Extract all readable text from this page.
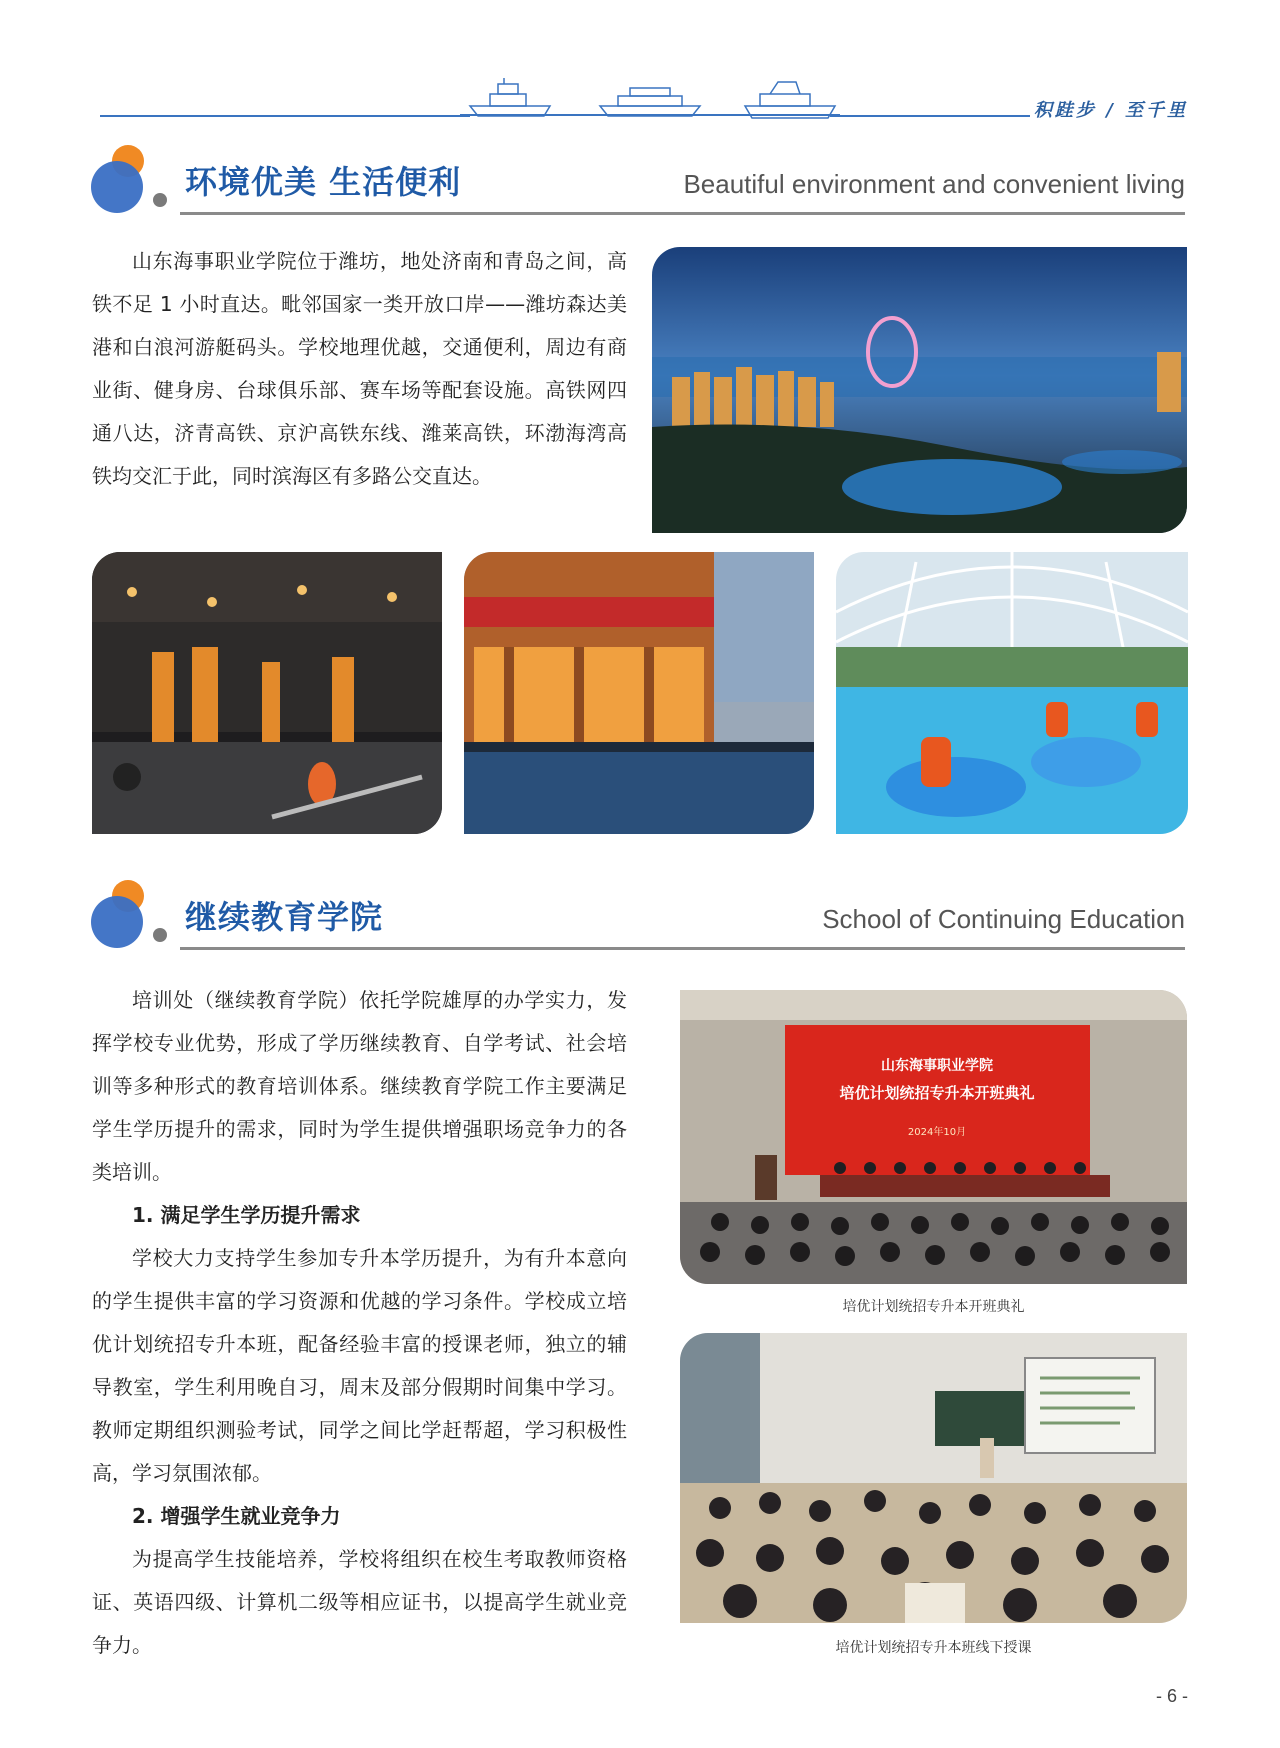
积跬步 / 至千里
环境优美 生活便利	Beautiful environment and convenient living

山东海事职业学院位于潍坊，地处济南和青岛之间，高铁不足 1 小时直达。毗邻国家一类开放口岸——潍坊森达美港和白浪河游艇码头。学校地理优越，交通便利，周边有商业街、健身房、台球俱乐部、赛车场等配套设施。高铁网四通八达，济青高铁、京沪高铁东线、潍莱高铁，环渤海湾高铁均交汇于此，同时滨海区有多路公交直达。

继续教育学院	School of Continuing Education

培训处（继续教育学院）依托学院雄厚的办学实力，发挥学校专业优势，形成了学历继续教育、自学考试、社会培训等多种形式的教育培训体系。继续教育学院工作主要满足学生学历提升的需求，同时为学生提供增强职场竞争力的各类培训。

1. 满足学生学历提升需求

学校大力支持学生参加专升本学历提升，为有升本意向的学生提供丰富的学习资源和优越的学习条件。学校成立培优计划统招专升本班，配备经验丰富的授课老师，独立的辅导教室，学生利用晚自习，周末及部分假期时间集中学习。教师定期组织测验考试，同学之间比学赶帮超，学习积极性高，学习氛围浓郁。

2. 增强学生就业竞争力

为提高学生技能培养，学校将组织在校生考取教师资格证、英语四级、计算机二级等相应证书，以提高学生就业竞争力。

山东海事职业学院
培优计划统招专升本开班典礼
2024年10月
培优计划统招专升本开班典礼
培优计划统招专升本班线下授课
- 6 -
